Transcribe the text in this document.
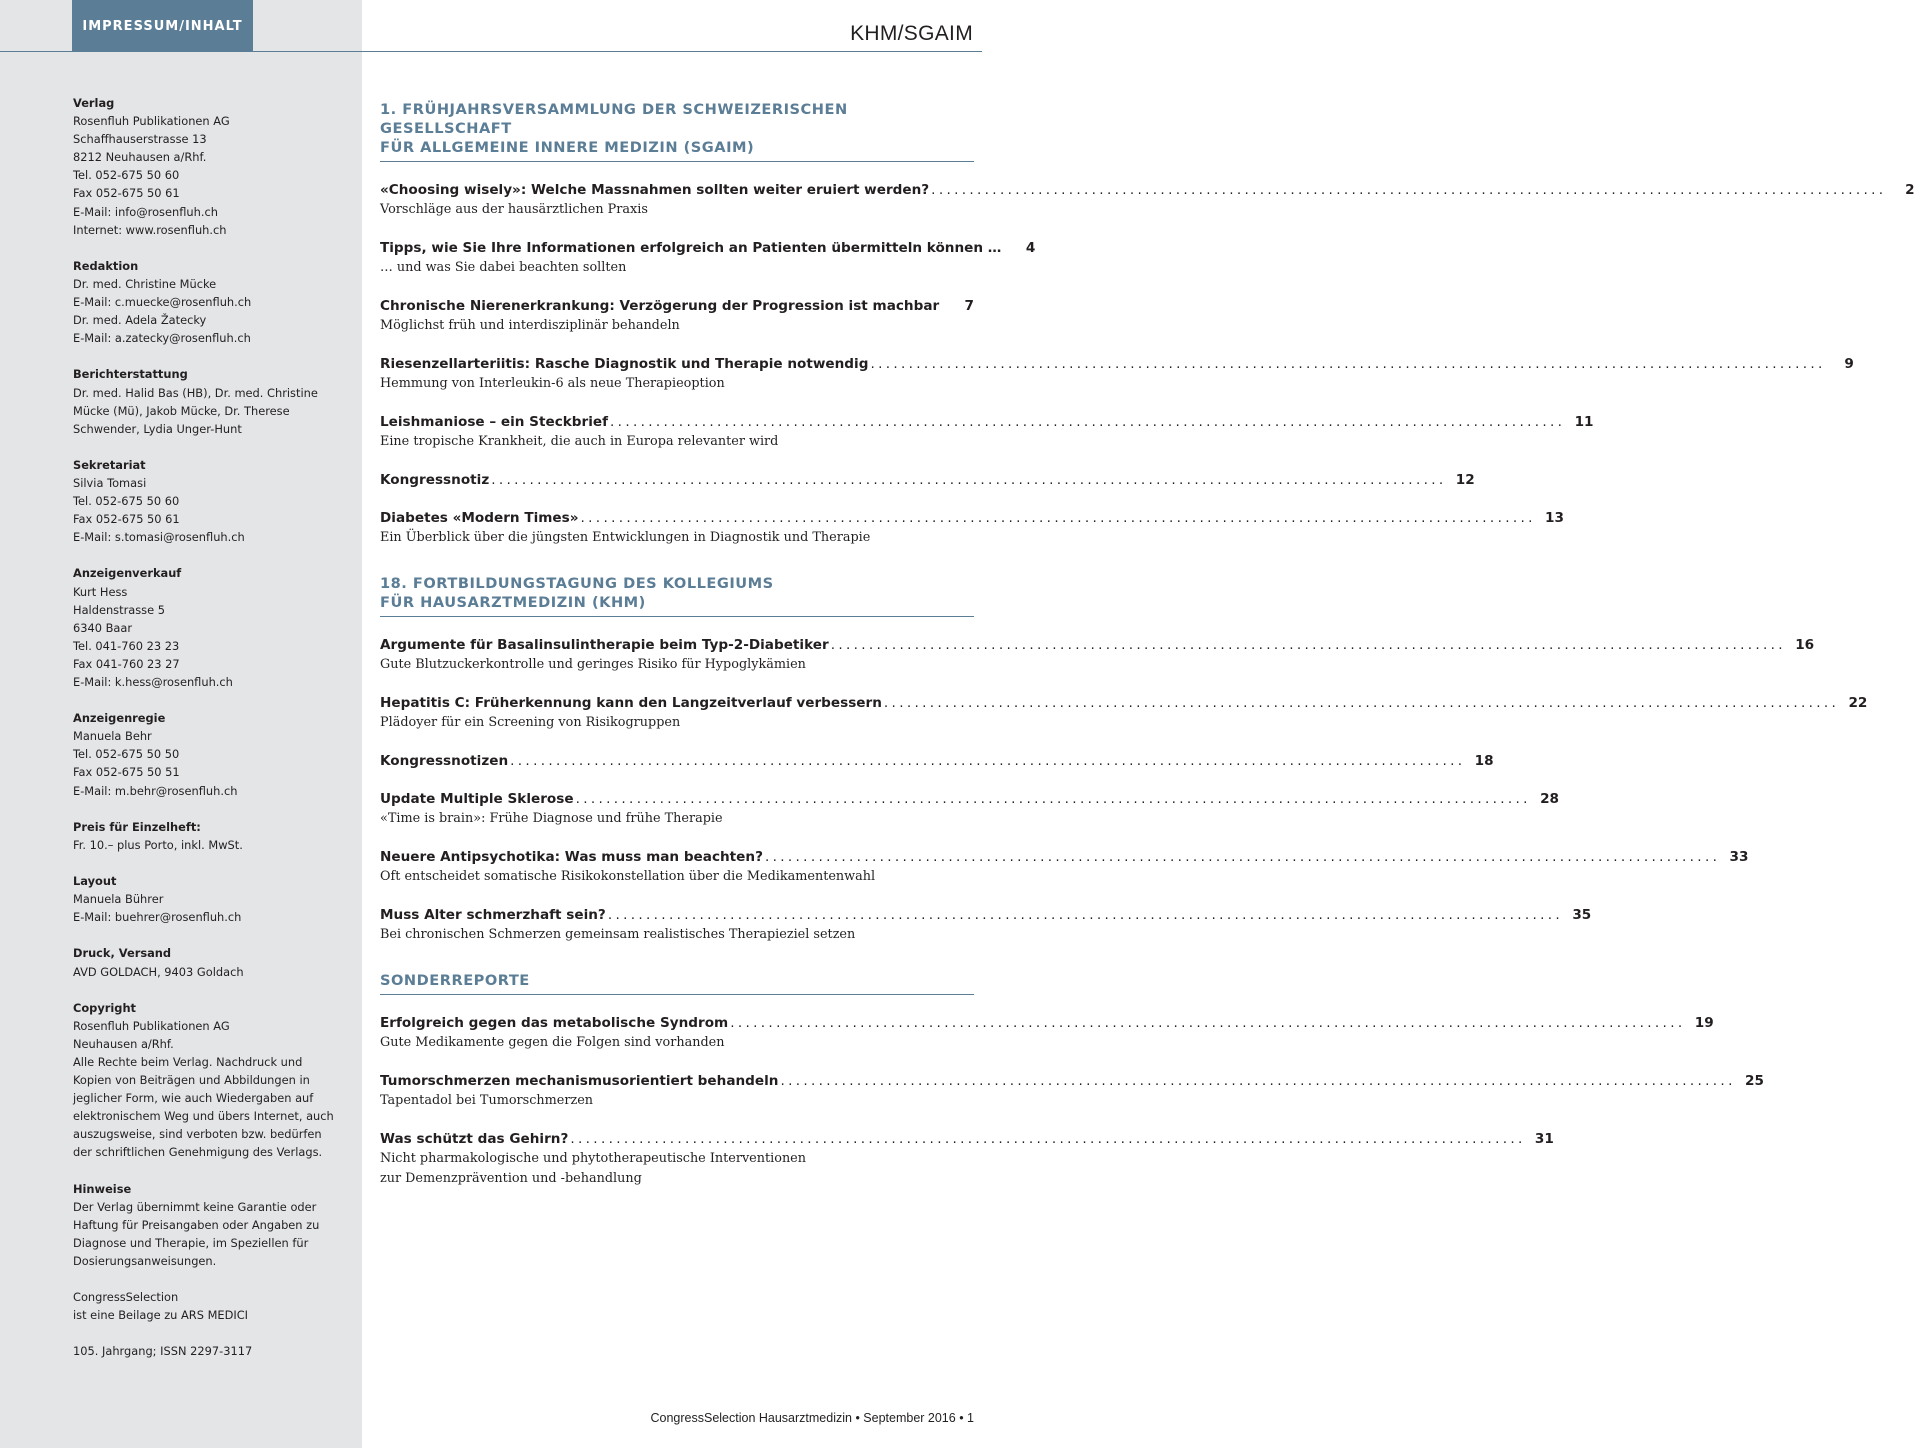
IMPRESSUM/INHALT	KHM/SGAIM
Verlag
Rosenfluh Publikationen AG
Schaffhauserstrasse 13
8212 Neuhausen a/Rhf.
Tel. 052-675 50 60
Fax 052-675 50 61
E-Mail: info@rosenfluh.ch
Internet: www.rosenfluh.ch
Redaktion
Dr. med. Christine Mücke
E-Mail: c.muecke@rosenfluh.ch
Dr. med. Adela Žatecky
E-Mail: a.zatecky@rosenfluh.ch
Berichterstattung
Dr. med. Halid Bas (HB), Dr. med. Christine
Mücke (Mü), Jakob Mücke, Dr. Therese
Schwender, Lydia Unger-Hunt
Sekretariat
Silvia Tomasi
Tel. 052-675 50 60
Fax 052-675 50 61
E-Mail: s.tomasi@rosenfluh.ch
Anzeigenverkauf
Kurt Hess
Haldenstrasse 5
6340 Baar
Tel. 041-760 23 23
Fax 041-760 23 27
E-Mail: k.hess@rosenfluh.ch
Anzeigenregie
Manuela Behr
Tel. 052-675 50 50
Fax 052-675 50 51
E-Mail: m.behr@rosenfluh.ch
Preis für Einzelheft:
Fr. 10.– plus Porto, inkl. MwSt.
Layout
Manuela Bührer
E-Mail: buehrer@rosenfluh.ch
Druck, Versand
AVD GOLDACH, 9403 Goldach
Copyright
Rosenfluh Publikationen AG
Neuhausen a/Rhf.
Alle Rechte beim Verlag. Nachdruck und
Kopien von Beiträgen und Abbildungen in
jeglicher Form, wie auch Wiedergaben auf
elektronischem Weg und übers Internet, auch
auszugsweise, sind verboten bzw. bedürfen
der schriftlichen Genehmigung des Verlags.
Hinweise
Der Verlag übernimmt keine Garantie oder
Haftung für Preisangaben oder Angaben zu
Diagnose und Therapie, im Speziellen für
Dosierungsanweisungen.
CongressSelection
ist eine Beilage zu ARS MEDICI
105. Jahrgang; ISSN 2297-3117
1. FRÜHJAHRSVERSAMMLUNG DER SCHWEIZERISCHEN GESELLSCHAFT
FÜR ALLGEMEINE INNERE MEDIZIN (SGAIM)
«Choosing wisely»: Welche Massnahmen sollten weiter eruiert werden? . . .	2
Vorschläge aus der hausärztlichen Praxis
Tipps, wie Sie Ihre Informationen erfolgreich an Patienten übermitteln können …	4
… und was Sie dabei beachten sollten
Chronische Nierenerkrankung: Verzögerung der Progression ist machbar . . .	7
Möglichst früh und interdisziplinär behandeln
Riesenzellarteriitis: Rasche Diagnostik und Therapie notwendig . . .	9
Hemmung von Interleukin-6 als neue Therapieoption
Leishmaniose – ein Steckbrief . . .	11
Eine tropische Krankheit, die auch in Europa relevanter wird
Kongressnotiz . . .	12
Diabetes «Modern Times» . . .	13
Ein Überblick über die jüngsten Entwicklungen in Diagnostik und Therapie
18. FORTBILDUNGSTAGUNG DES KOLLEGIUMS
FÜR HAUSARZTMEDIZIN (KHM)
Argumente für Basalinsulintherapie beim Typ-2-Diabetiker . . .	16
Gute Blutzuckerkontrolle und geringes Risiko für Hypoglykämien
Hepatitis C: Früherkennung kann den Langzeitverlauf verbessern . . .	22
Plädoyer für ein Screening von Risikogruppen
Kongressnotizen . . .	18
Update Multiple Sklerose . . .	28
«Time is brain»: Frühe Diagnose und frühe Therapie
Neuere Antipsychotika: Was muss man beachten? . . .	33
Oft entscheidet somatische Risikokonstellation über die Medikamentenwahl
Muss Alter schmerzhaft sein? . . .	35
Bei chronischen Schmerzen gemeinsam realistisches Therapieziel setzen
SONDERREPORTE
Erfolgreich gegen das metabolische Syndrom . . .	19
Gute Medikamente gegen die Folgen sind vorhanden
Tumorschmerzen mechanismusorientiert behandeln . . .	25
Tapentadol bei Tumorschmerzen
Was schützt das Gehirn? . . .	31
Nicht pharmakologische und phytotherapeutische Interventionen
zur Demenzprävention und -behandlung
CongressSelection Hausarztmedizin • September 2016 • 1
